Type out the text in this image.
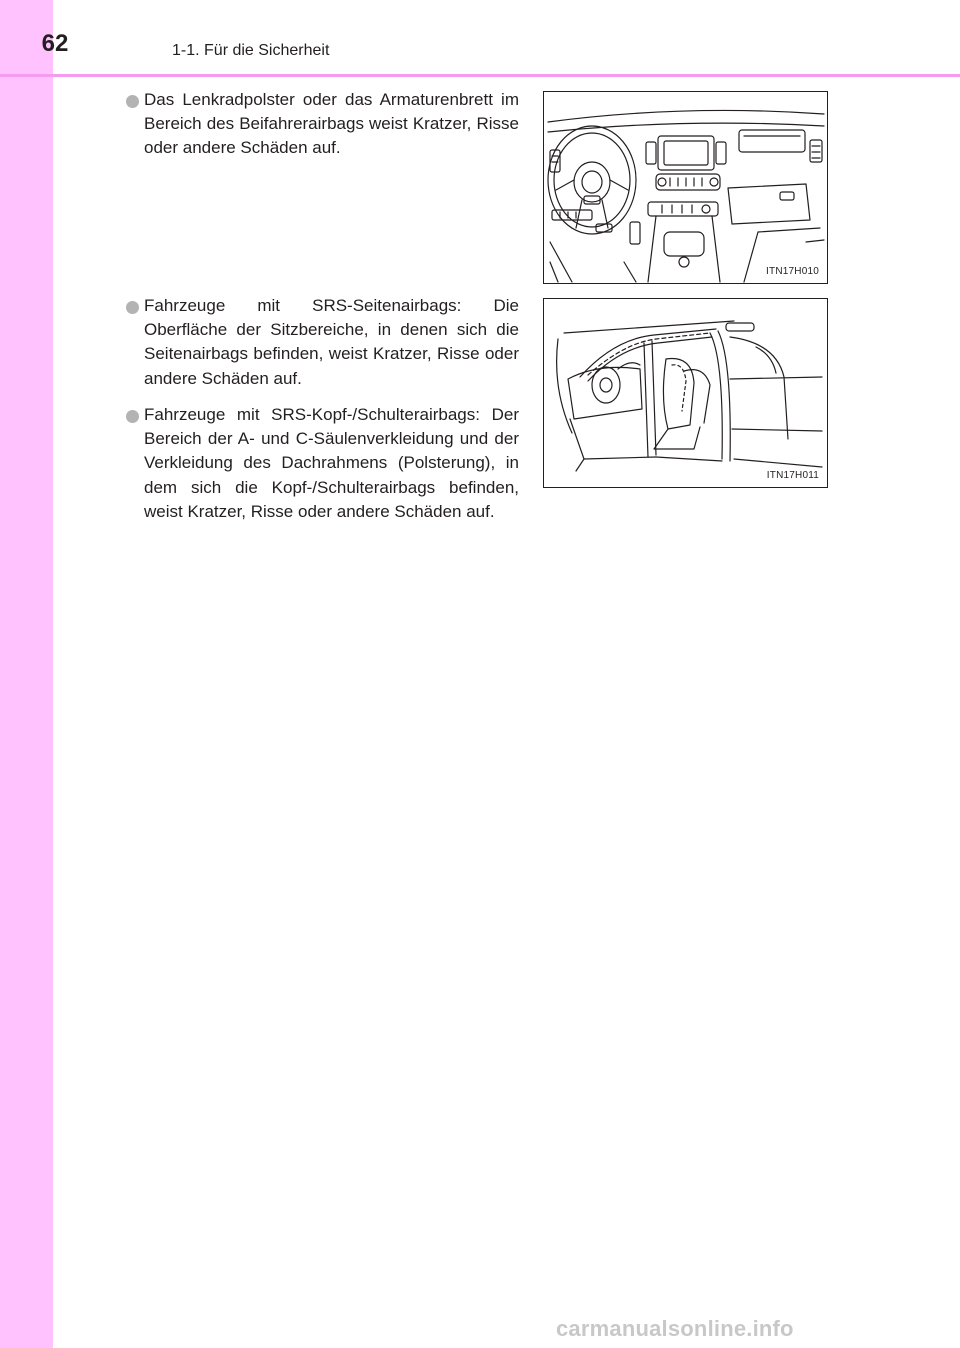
62	1-1. Für die Sicherheit
Das Lenkradpolster oder das Armaturenbrett im Bereich des Beifahrerairbags weist Kratzer, Risse oder andere Schäden auf.
Fahrzeuge mit SRS-Seitenairbags: Die Oberfläche der Sitzbereiche, in denen sich die Seitenairbags befinden, weist Kratzer, Risse oder andere Schäden auf.
Fahrzeuge mit SRS-Kopf-/Schulterairbags: Der Bereich der A- und C-Säulenverkleidung und der Verkleidung des Dachrahmens (Polsterung), in dem sich die Kopf-/Schulterairbags befinden, weist Kratzer, Risse oder andere Schäden auf.
ITN17H010
ITN17H011
carmanualsonline.info
